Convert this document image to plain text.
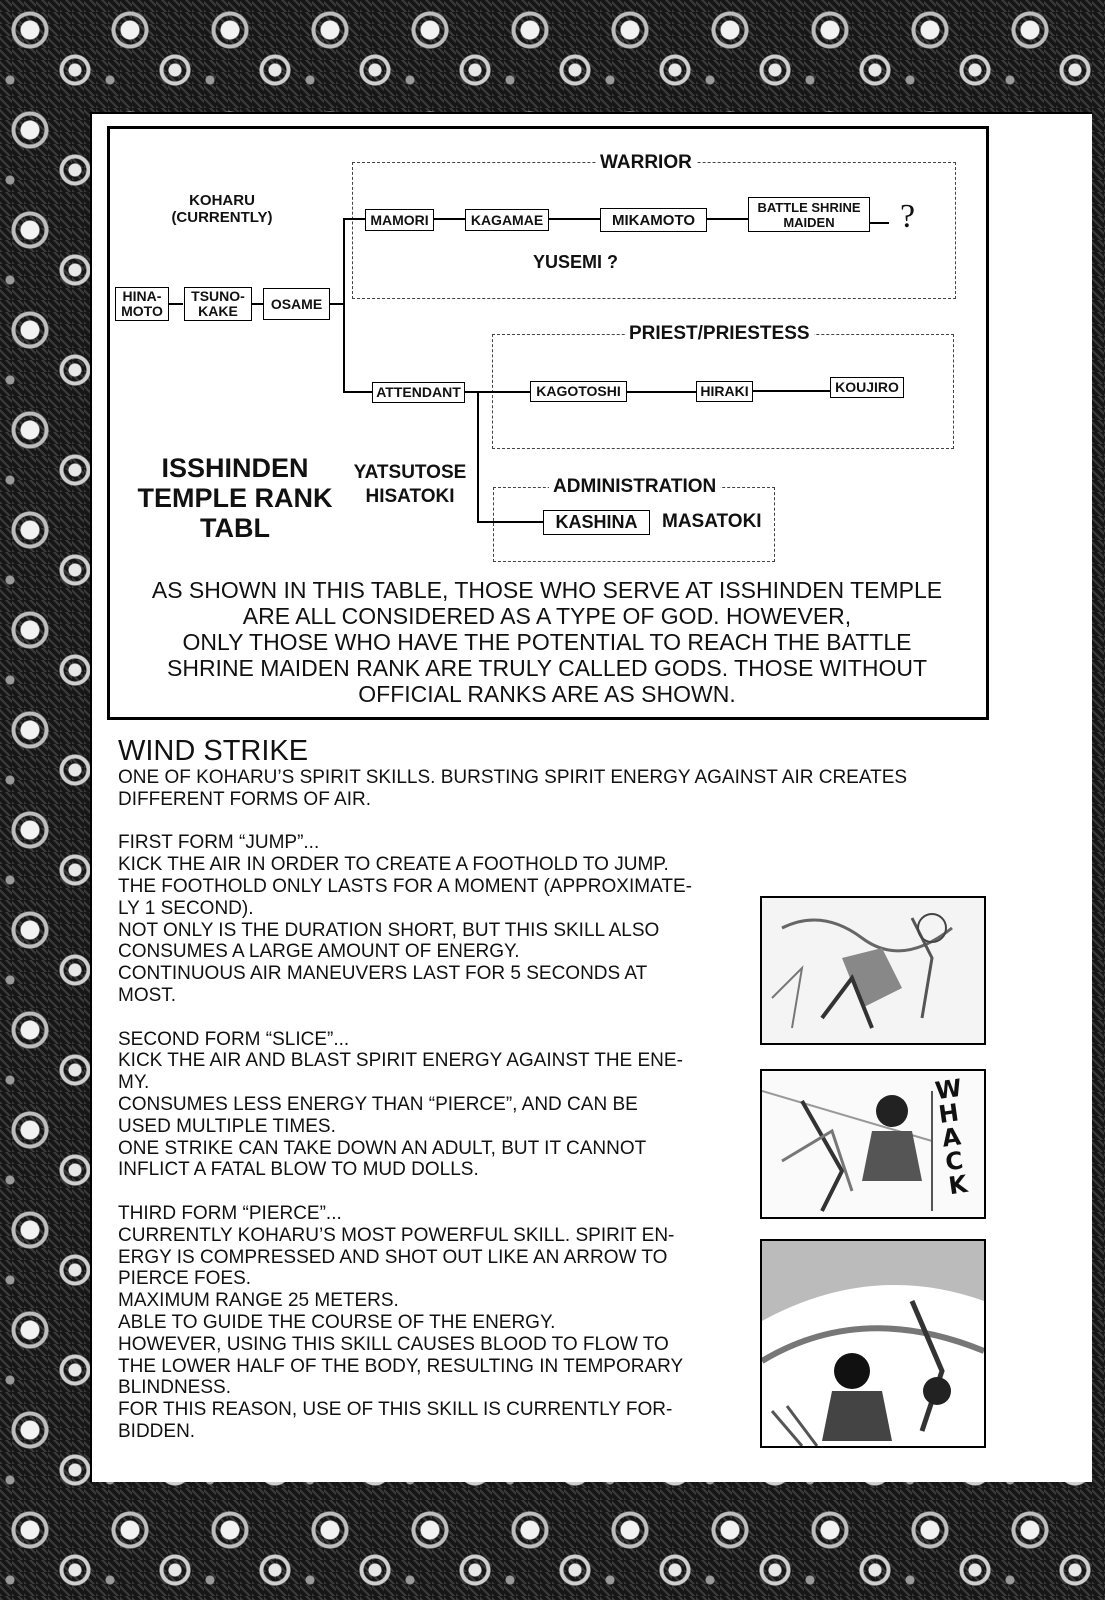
WARRIOR
PRIEST/PRIESTESS
ADMINISTRATION
HINA-
MOTO
TSUNO-
KAKE	OSAME
MAMORI	KAGAMAE	MIKAMOTO
BATTLE SHRINE
MAIDEN	?
ATTENDANT	KAGOTOSHI	HIRAKI	KOUJIRO
KASHINA
KOHARU
(CURRENTLY)
YUSEMI ?
YATSUTOSE
HISATOKI
MASATOKI
ISSHINDEN
TEMPLE RANK
TABL
AS SHOWN IN THIS TABLE, THOSE WHO SERVE AT ISSHINDEN TEMPLE
ARE ALL CONSIDERED AS A TYPE OF GOD. HOWEVER,
ONLY THOSE WHO HAVE THE POTENTIAL TO REACH THE BATTLE
SHRINE MAIDEN RANK ARE TRULY CALLED GODS. THOSE WITHOUT
OFFICIAL RANKS ARE AS SHOWN.
WIND STRIKE
ONE OF KOHARU’S SPIRIT SKILLS. BURSTING SPIRIT ENERGY AGAINST AIR CREATES
DIFFERENT FORMS OF AIR.

FIRST FORM “JUMP”...
KICK THE AIR IN ORDER TO CREATE A FOOTHOLD TO JUMP.
THE FOOTHOLD ONLY LASTS FOR A MOMENT (APPROXIMATE-
LY 1 SECOND).
NOT ONLY IS THE DURATION SHORT, BUT THIS SKILL ALSO
CONSUMES A LARGE AMOUNT OF ENERGY.
CONTINUOUS AIR MANEUVERS LAST FOR 5 SECONDS AT
MOST.

SECOND FORM “SLICE”...
KICK THE AIR AND BLAST SPIRIT ENERGY AGAINST THE ENE-
MY.
CONSUMES LESS ENERGY THAN “PIERCE”, AND CAN BE
USED MULTIPLE TIMES.
ONE STRIKE CAN TAKE DOWN AN ADULT, BUT IT CANNOT
INFLICT A FATAL BLOW TO MUD DOLLS.

THIRD FORM “PIERCE”...
CURRENTLY KOHARU’S MOST POWERFUL SKILL. SPIRIT EN-
ERGY IS COMPRESSED AND SHOT OUT LIKE AN ARROW TO
PIERCE FOES.
MAXIMUM RANGE 25 METERS.
ABLE TO GUIDE THE COURSE OF THE ENERGY.
HOWEVER, USING THIS SKILL CAUSES BLOOD TO FLOW TO
THE LOWER HALF OF THE BODY, RESULTING IN TEMPORARY
BLINDNESS.
FOR THIS REASON, USE OF THIS SKILL IS CURRENTLY FOR-
BIDDEN.
WHACK
